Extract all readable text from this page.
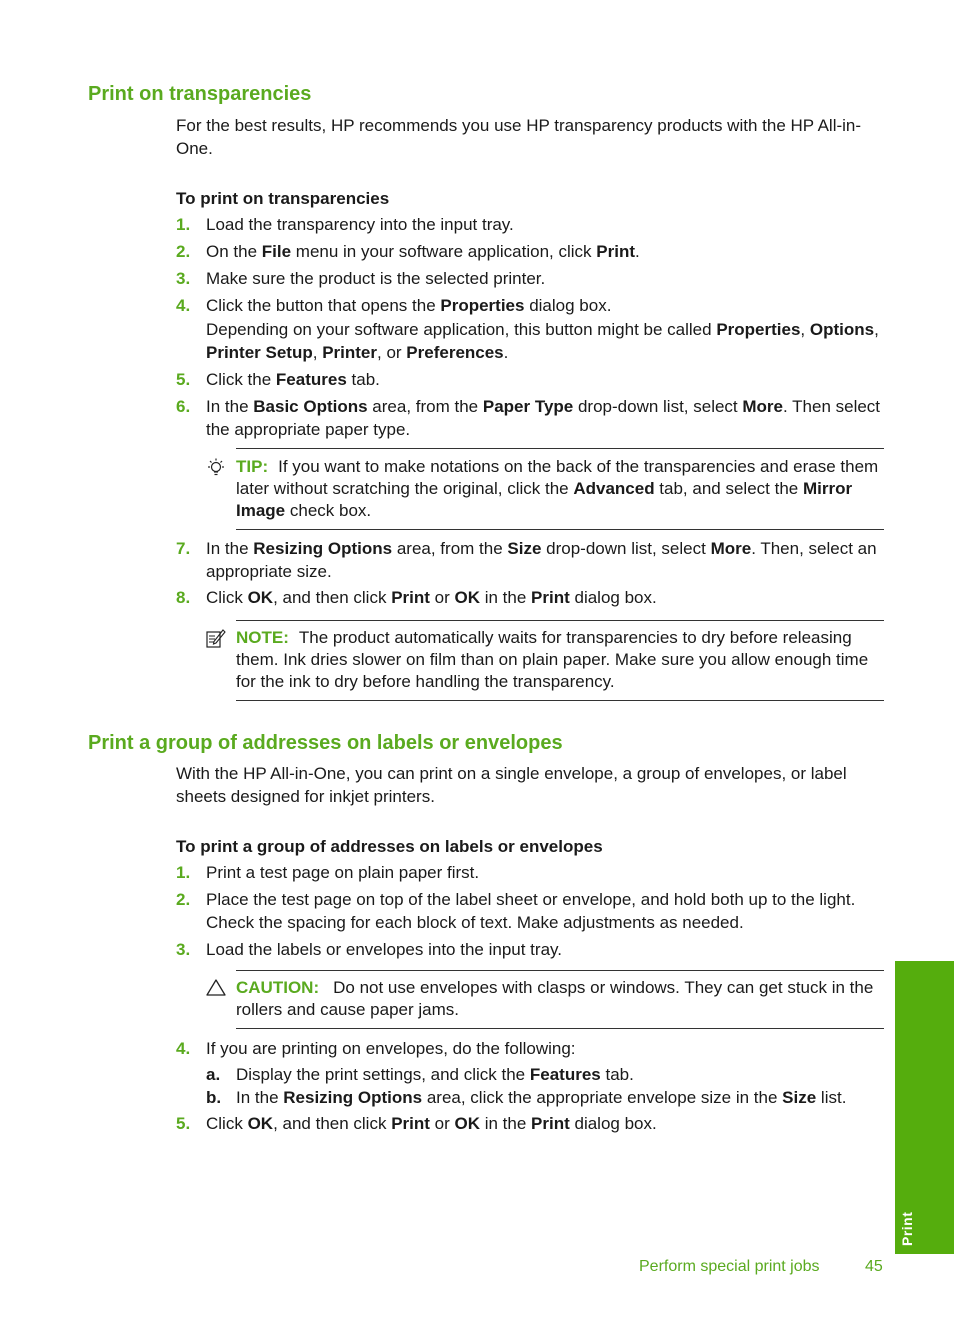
Print on transparencies

For the best results, HP recommends you use HP transparency products with the HP All-in-One.

To print on transparencies

1. Load the transparency into the input tray.
2. On the File menu in your software application, click Print.
3. Make sure the product is the selected printer.
4. Click the button that opens the Properties dialog box.
Depending on your software application, this button might be called Properties, Options, Printer Setup, Printer, or Preferences.
5. Click the Features tab.
6. In the Basic Options area, from the Paper Type drop-down list, select More. Then select the appropriate paper type.
TIP: If you want to make notations on the back of the transparencies and erase them later without scratching the original, click the Advanced tab, and select the Mirror Image check box.
7. In the Resizing Options area, from the Size drop-down list, select More. Then, select an appropriate size.
8. Click OK, and then click Print or OK in the Print dialog box.
NOTE: The product automatically waits for transparencies to dry before releasing them. Ink dries slower on film than on plain paper. Make sure you allow enough time for the ink to dry before handling the transparency.
Print a group of addresses on labels or envelopes

With the HP All-in-One, you can print on a single envelope, a group of envelopes, or label sheets designed for inkjet printers.

To print a group of addresses on labels or envelopes

1. Print a test page on plain paper first.
2. Place the test page on top of the label sheet or envelope, and hold both up to the light. Check the spacing for each block of text. Make adjustments as needed.
3. Load the labels or envelopes into the input tray.
CAUTION: Do not use envelopes with clasps or windows. They can get stuck in the rollers and cause paper jams.
4. If you are printing on envelopes, do the following:
a. Display the print settings, and click the Features tab.
b. In the Resizing Options area, click the appropriate envelope size in the Size list.
5. Click OK, and then click Print or OK in the Print dialog box.
Print
Perform special print jobs	45
